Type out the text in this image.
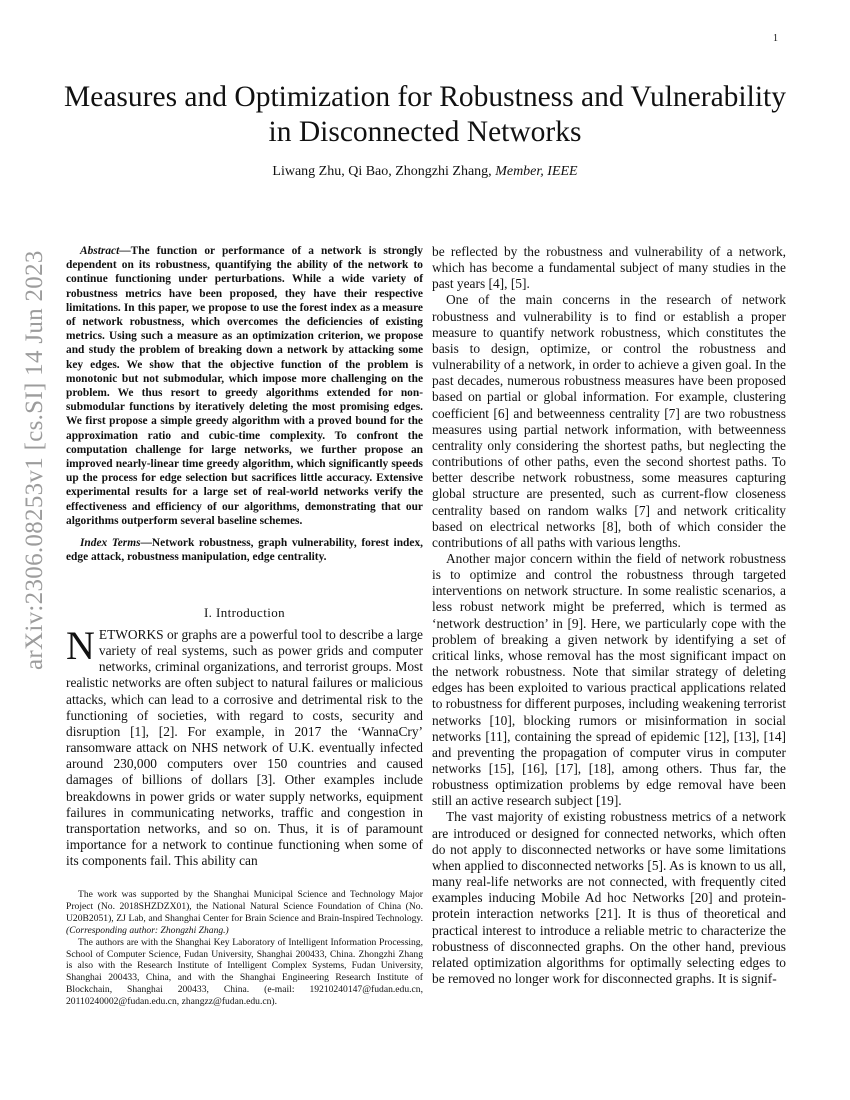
1
arXiv:2306.08253v1 [cs.SI] 14 Jun 2023
Measures and Optimization for Robustness and Vulnerability in Disconnected Networks
Liwang Zhu, Qi Bao, Zhongzhi Zhang, Member, IEEE

Abstract—The function or performance of a network is strongly dependent on its robustness, quantifying the ability of the network to continue functioning under perturbations. While a wide variety of robustness metrics have been proposed, they have their respective limitations. In this paper, we propose to use the forest index as a measure of network robustness, which overcomes the deficiencies of existing metrics. Using such a measure as an optimization criterion, we propose and study the problem of breaking down a network by attacking some key edges. We show that the objective function of the problem is monotonic but not submodular, which impose more challenging on the problem. We thus resort to greedy algorithms extended for non-submodular functions by iteratively deleting the most promising edges. We first propose a simple greedy algorithm with a proved bound for the approximation ratio and cubic-time complexity. To confront the computation challenge for large networks, we further propose an improved nearly-linear time greedy algorithm, which significantly speeds up the process for edge selection but sacrifices little accuracy. Extensive experimental results for a large set of real-world networks verify the effectiveness and efficiency of our algorithms, demonstrating that our algorithms outperform several baseline schemes.

Index Terms—Network robustness, graph vulnerability, forest index, edge attack, robustness manipulation, edge centrality.

I. Introduction

NETWORKS or graphs are a powerful tool to describe a large variety of real systems, such as power grids and computer networks, criminal organizations, and terrorist groups. Most realistic networks are often subject to natural failures or malicious attacks, which can lead to a corrosive and detrimental risk to the functioning of societies, with regard to costs, security and disruption [1], [2]. For example, in 2017 the ‘WannaCry’ ransomware attack on NHS network of U.K. eventually infected around 230,000 computers over 150 countries and caused damages of billions of dollars [3]. Other examples include breakdowns in power grids or water supply networks, equipment failures in communicating networks, traffic and congestion in transportation networks, and so on. Thus, it is of paramount importance for a network to continue functioning when some of its components fail. This ability can

The work was supported by the Shanghai Municipal Science and Technology Major Project (No. 2018SHZDZX01), the National Natural Science Foundation of China (No. U20B2051), ZJ Lab, and Shanghai Center for Brain Science and Brain-Inspired Technology. (Corresponding author: Zhongzhi Zhang.)

The authors are with the Shanghai Key Laboratory of Intelligent Information Processing, School of Computer Science, Fudan University, Shanghai 200433, China. Zhongzhi Zhang is also with the Research Institute of Intelligent Complex Systems, Fudan University, Shanghai 200433, China, and with the Shanghai Engineering Research Institute of Blockchain, Shanghai 200433, China. (e-mail: 19210240147@fudan.edu.cn, 20110240002@fudan.edu.cn, zhangzz@fudan.edu.cn).

be reflected by the robustness and vulnerability of a network, which has become a fundamental subject of many studies in the past years [4], [5].

One of the main concerns in the research of network robustness and vulnerability is to find or establish a proper measure to quantify network robustness, which constitutes the basis to design, optimize, or control the robustness and vulnerability of a network, in order to achieve a given goal. In the past decades, numerous robustness measures have been proposed based on partial or global information. For example, clustering coefficient [6] and betweenness centrality [7] are two robustness measures using partial network information, with betweenness centrality only considering the shortest paths, but neglecting the contributions of other paths, even the second shortest paths. To better describe network robustness, some measures capturing global structure are presented, such as current-flow closeness centrality based on random walks [7] and network criticality based on electrical networks [8], both of which consider the contributions of all paths with various lengths.

Another major concern within the field of network robustness is to optimize and control the robustness through targeted interventions on network structure. In some realistic scenarios, a less robust network might be preferred, which is termed as ‘network destruction’ in [9]. Here, we particularly cope with the problem of breaking a given network by identifying a set of critical links, whose removal has the most significant impact on the network robustness. Note that similar strategy of deleting edges has been exploited to various practical applications related to robustness for different purposes, including weakening terrorist networks [10], blocking rumors or misinformation in social networks [11], containing the spread of epidemic [12], [13], [14] and preventing the propagation of computer virus in computer networks [15], [16], [17], [18], among others. Thus far, the robustness optimization problems by edge removal have been still an active research subject [19].

The vast majority of existing robustness metrics of a network are introduced or designed for connected networks, which often do not apply to disconnected networks or have some limitations when applied to disconnected networks [5]. As is known to us all, many real-life networks are not connected, with frequently cited examples inducing Mobile Ad hoc Networks [20] and protein-protein interaction networks [21]. It is thus of theoretical and practical interest to introduce a reliable metric to characterize the robustness of disconnected graphs. On the other hand, previous related optimization algorithms for optimally selecting edges to be removed no longer work for disconnected graphs. It is signif-
